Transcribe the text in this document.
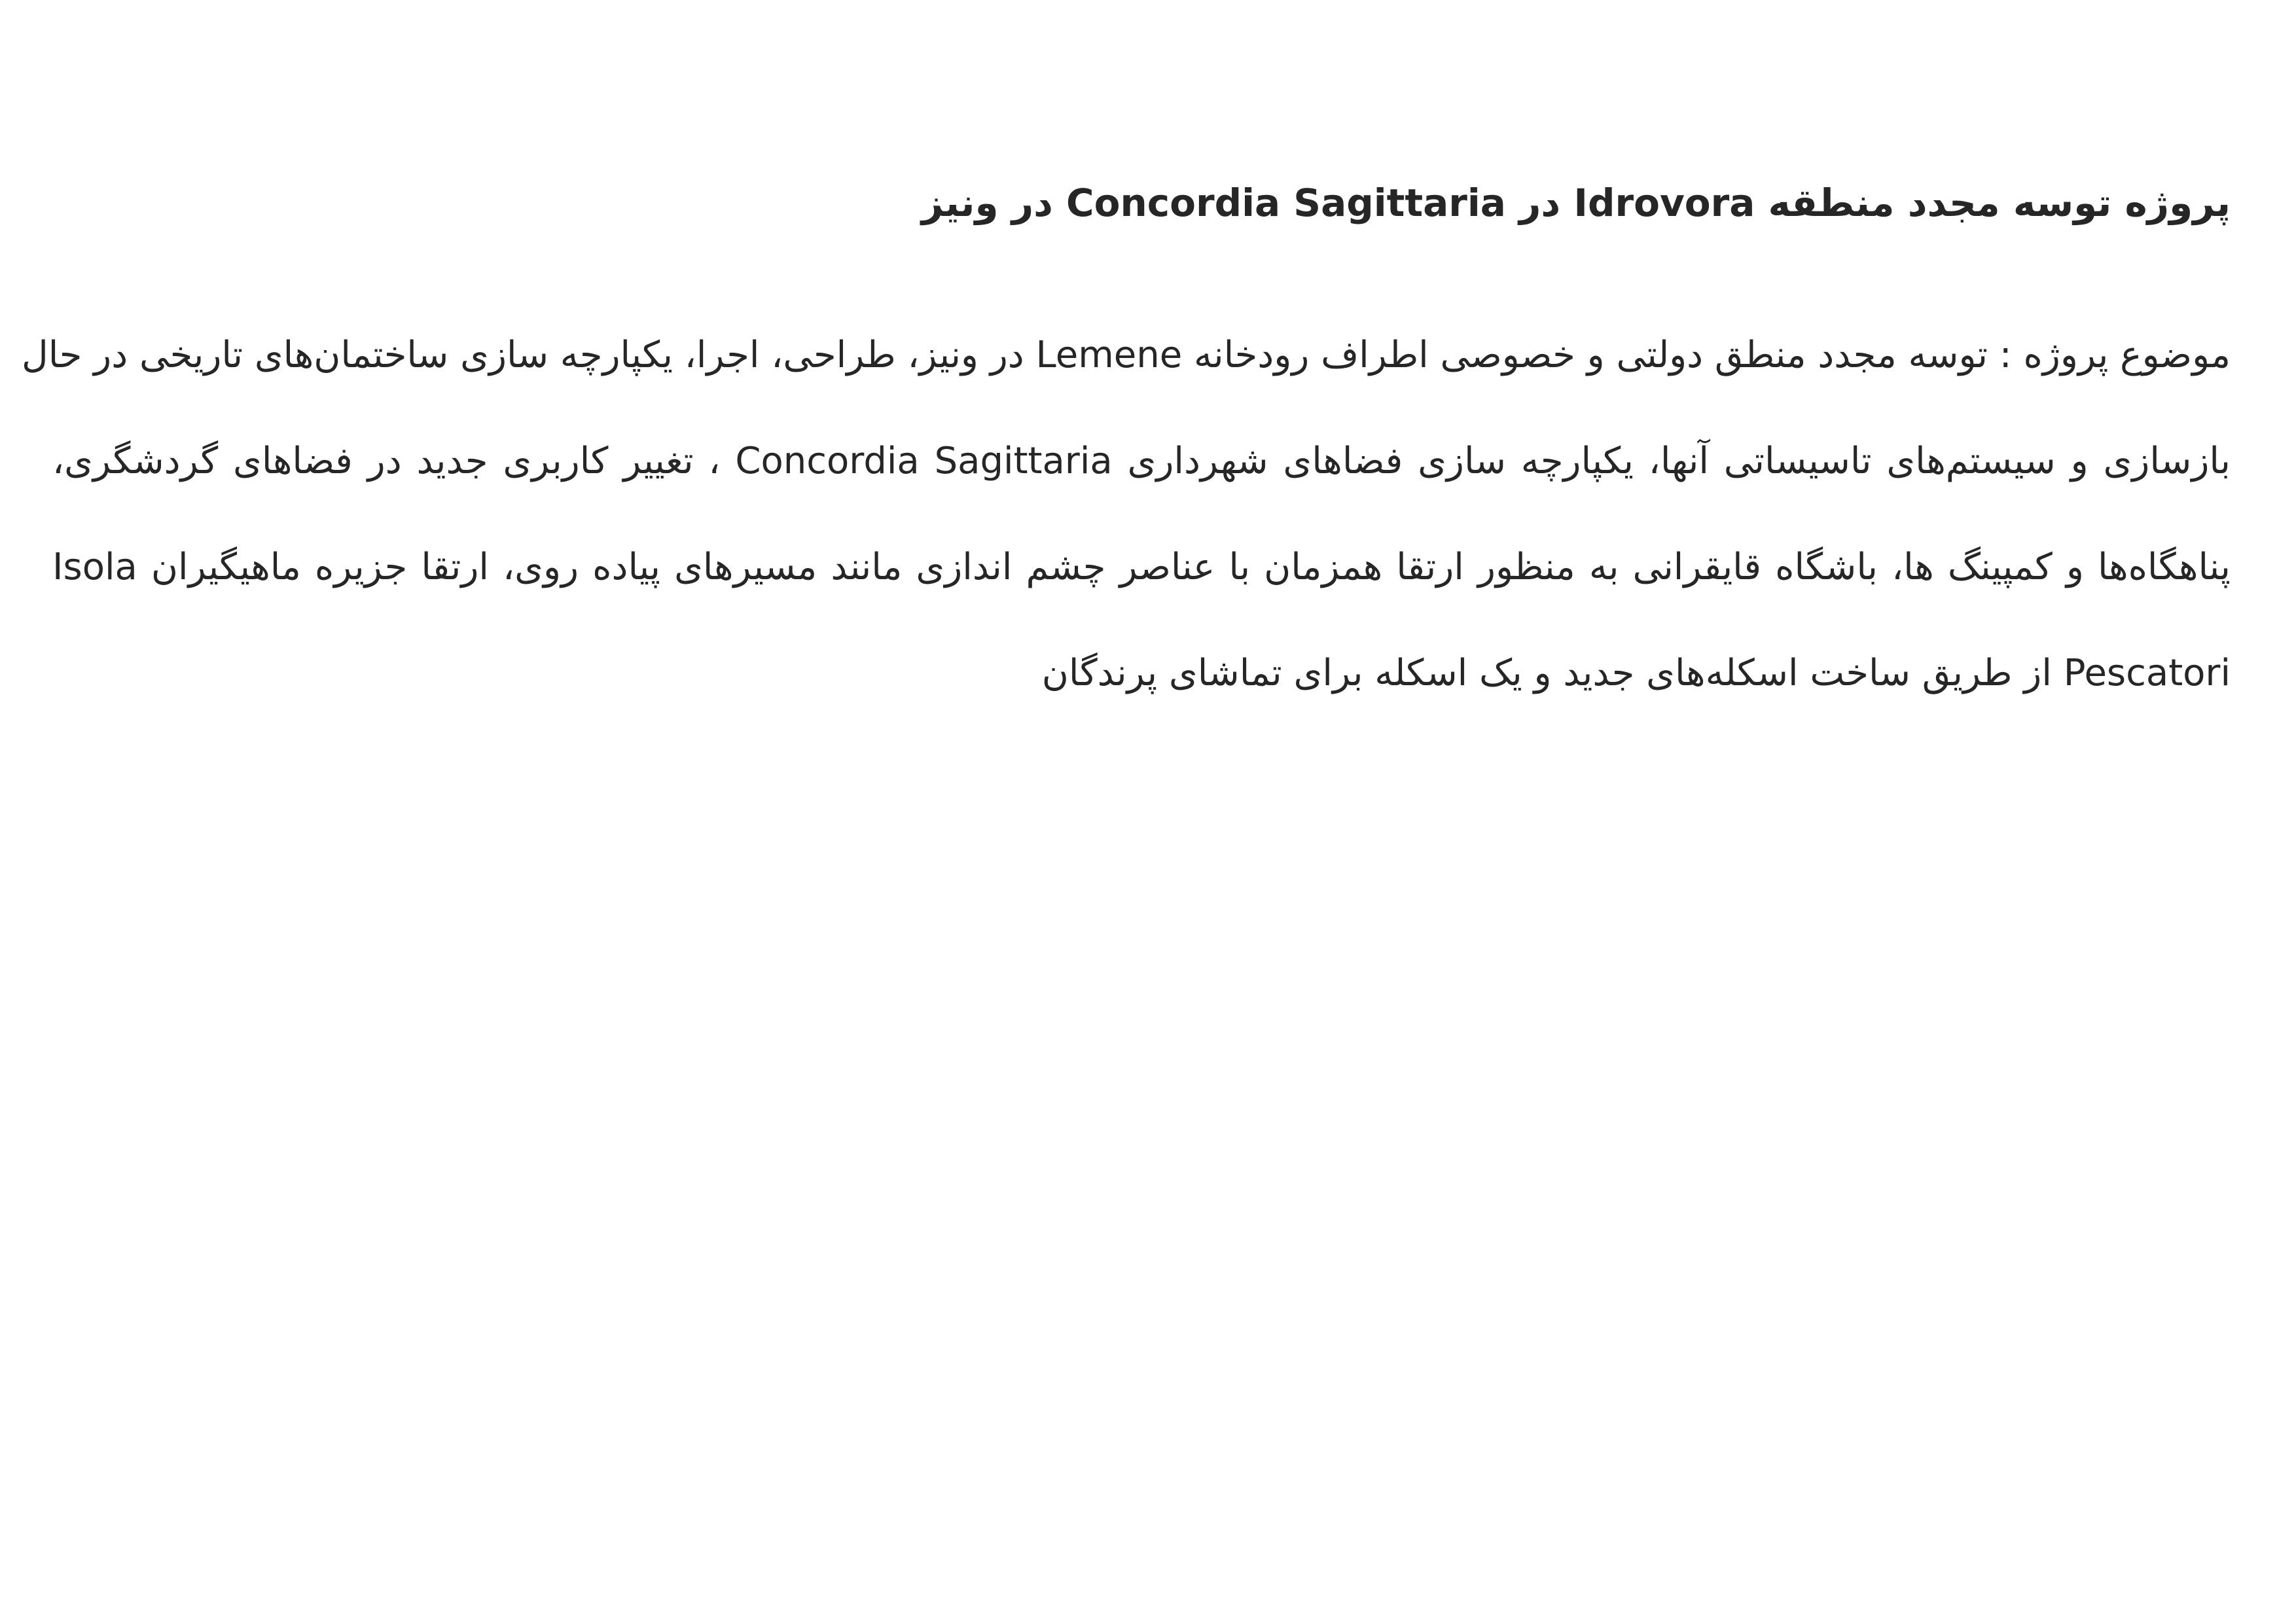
پروژه توسه مجدد منطقه Idrovora در Concordia Sagittaria در ونیز
موضوع پروژه : توسه مجدد منطق دولتی و خصوصی اطراف رودخانه Lemene در ونیز، طراحی، اجرا، یکپارچه سازی ساختمان‌های تاریخی در حال
بازسازی و سیستم‌های تاسیساتی آنها، یکپارچه سازی فضاهای شهرداری Concordia Sagittaria ، تغییر کاربری جدید در فضاهای گردشگری،
پناهگاه‌ها و کمپینگ ها، باشگاه قایقرانی به منظور ارتقا همزمان با عناصر چشم اندازی مانند مسیرهای پیاده روی، ارتقا جزیره ماهیگیران Isola
Pescatori از طریق ساخت اسکله‌های جدید و یک اسکله برای تماشای پرندگان
